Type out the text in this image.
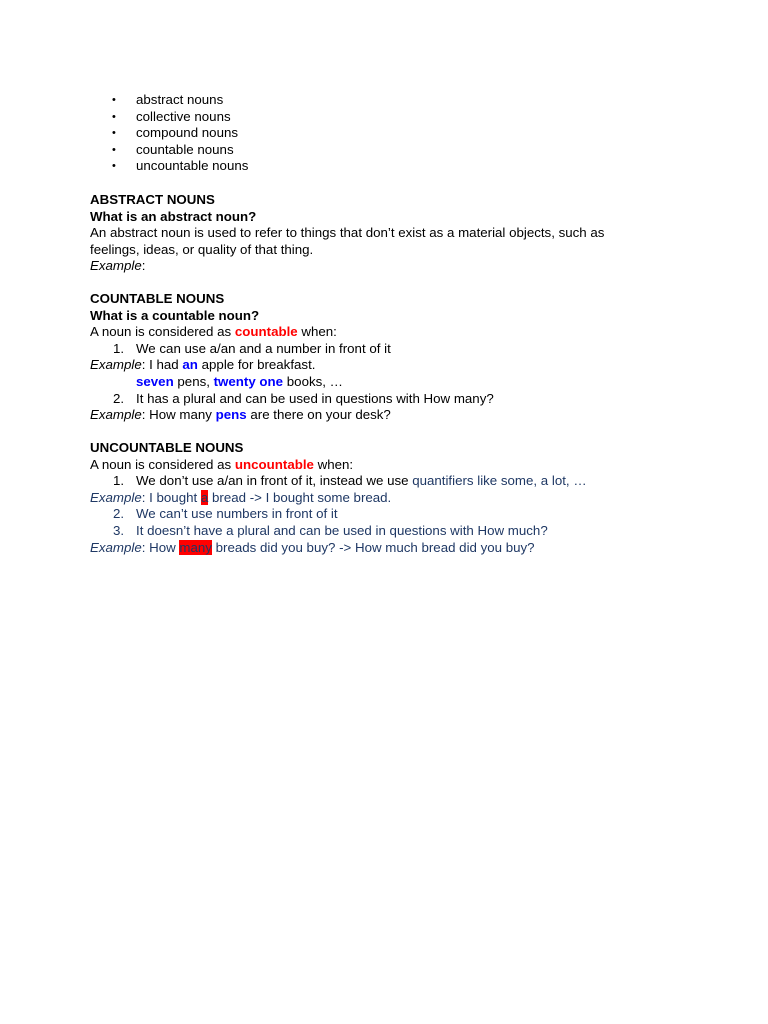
• abstract nouns
• collective nouns
• compound nouns
• countable nouns
• uncountable nouns
ABSTRACT NOUNS
What is an abstract noun?
An abstract noun is used to refer to things that don’t exist as a material objects, such as
feelings, ideas, or quality of that thing.
Example:
COUNTABLE NOUNS
What is a countable noun?
A noun is considered as countable when:
1. We can use a/an and a number in front of it
Example: I had an apple for breakfast.
seven pens, twenty one books, …
2. It has a plural and can be used in questions with How many?
Example: How many pens are there on your desk?
UNCOUNTABLE NOUNS
A noun is considered as uncountable when:
1. We don’t use a/an in front of it, instead we use quantifiers like some, a lot, …
Example: I bought a bread -> I bought some bread.
2. We can’t use numbers in front of it
3. It doesn’t have a plural and can be used in questions with How much?
Example: How many breads did you buy? -> How much bread did you buy?
